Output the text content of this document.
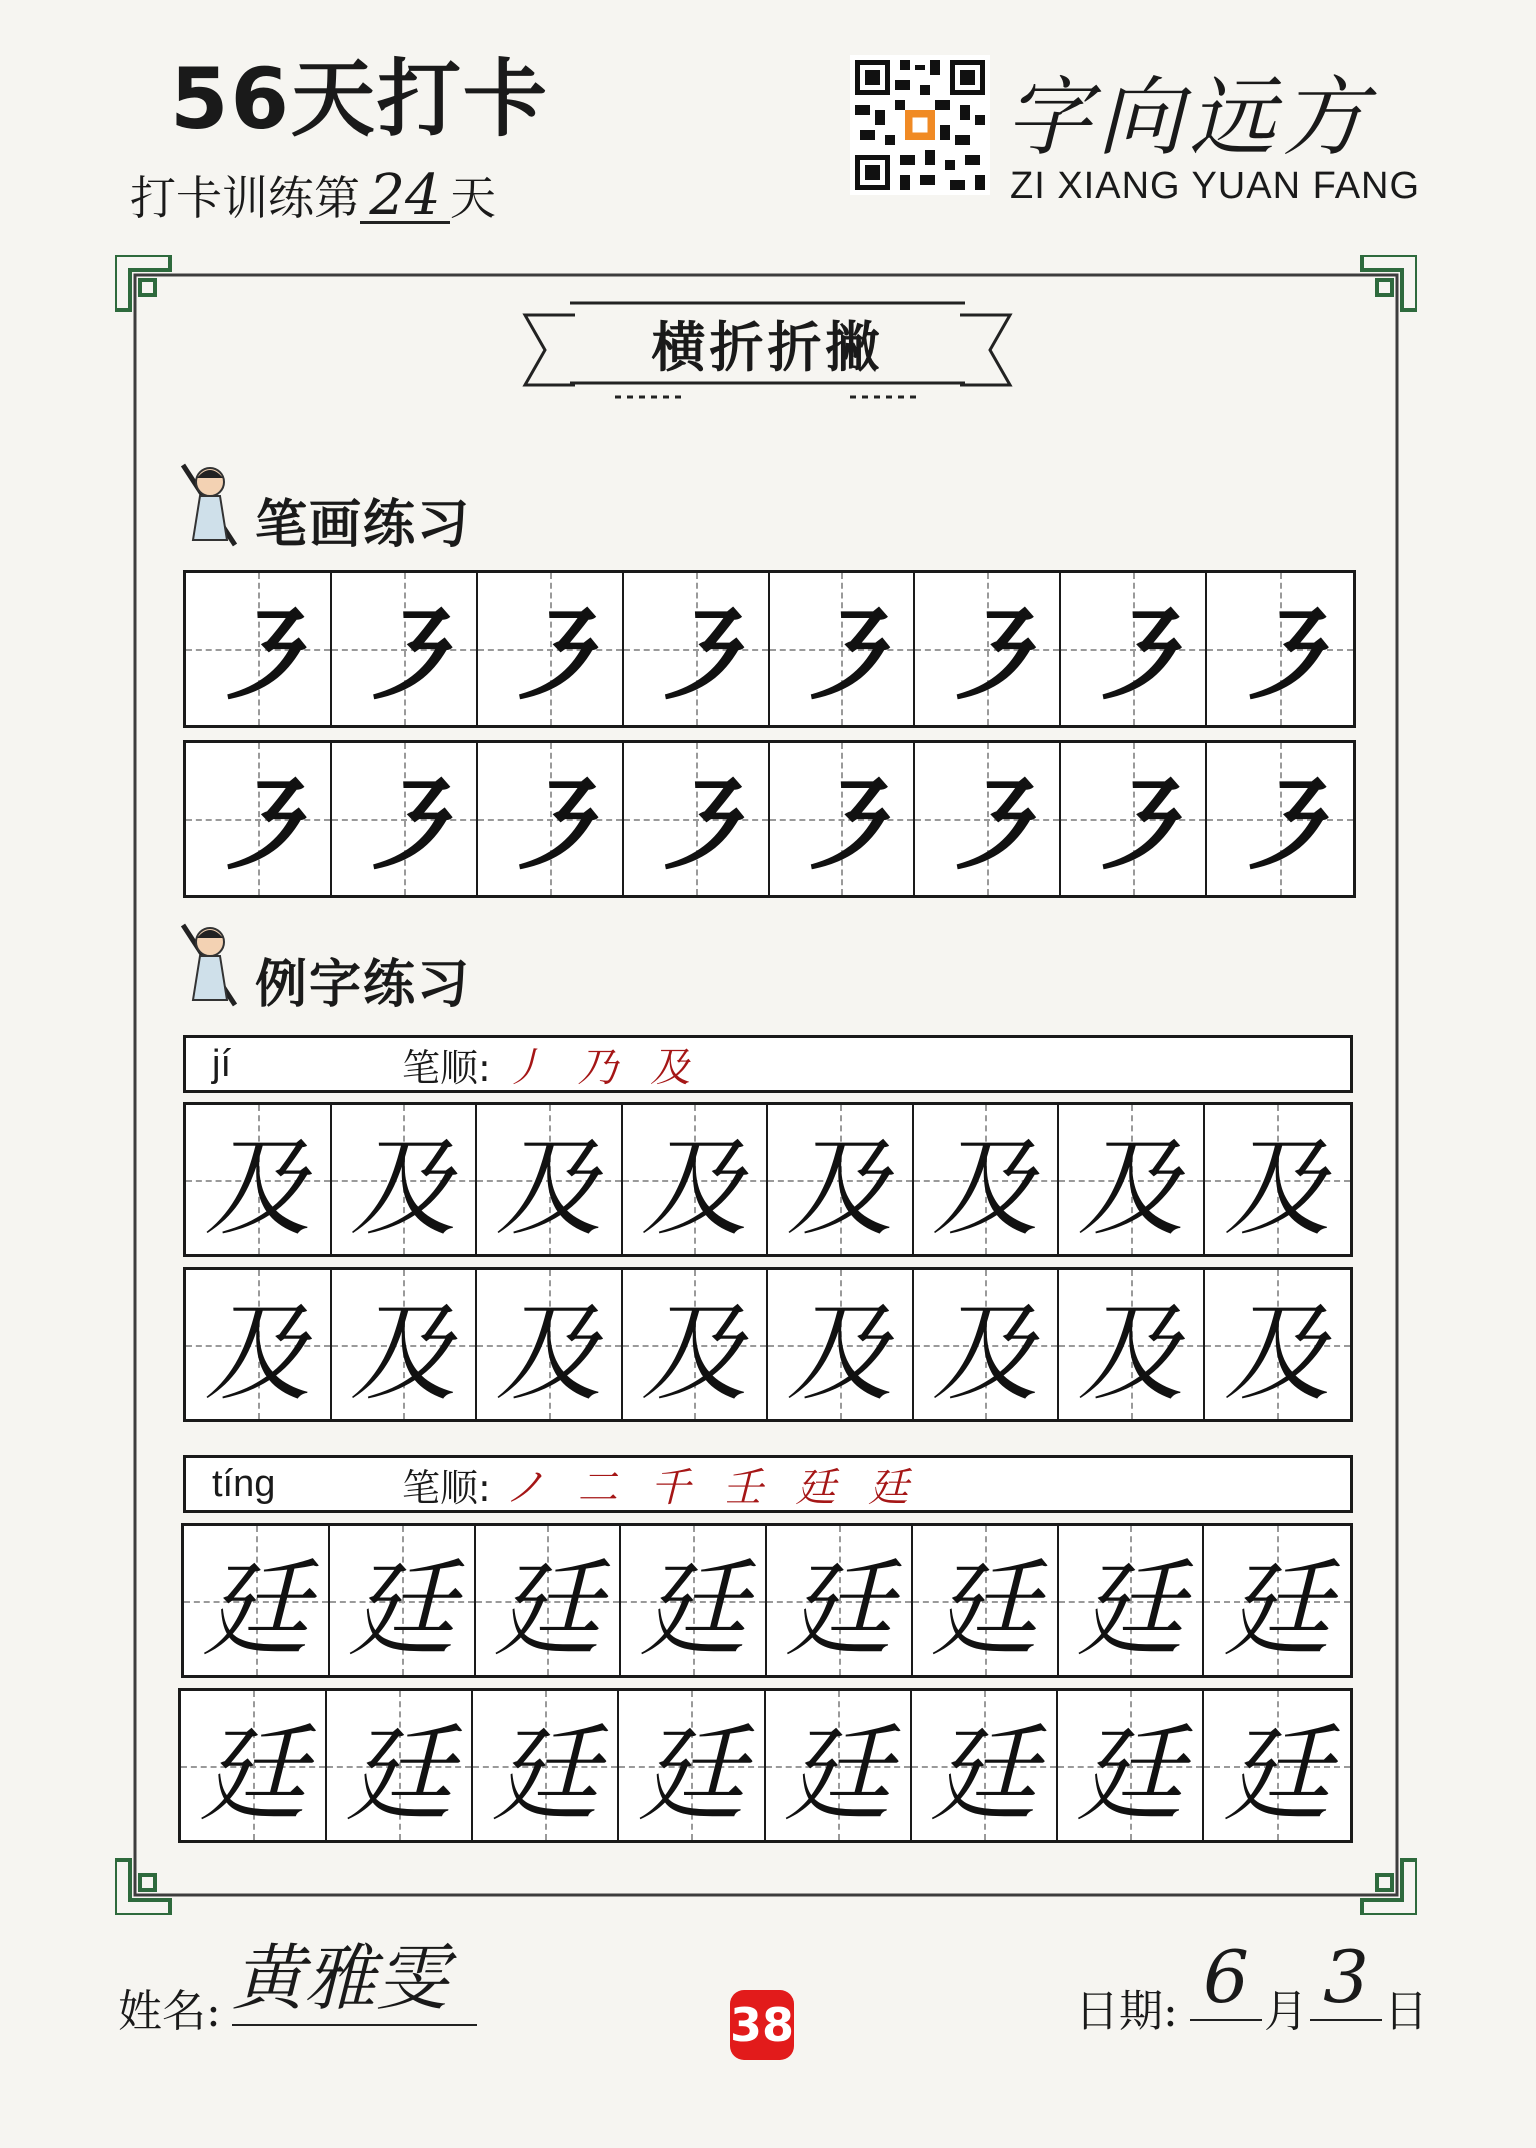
56天打卡
打卡训练第 24 天
字向远方
ZI XIANG YUAN FANG
横折折撇
笔画练习
㇋ ㇋ ㇋ ㇋ ㇋ ㇋ ㇋ ㇋
㇋ ㇋ ㇋ ㇋ ㇋ ㇋ ㇋ ㇋
例字练习
jí	笔顺: 丿 乃 及
及 及 及 及 及 及 及 及
及 及 及 及 及 及 及 及
tíng	笔顺: ノ 二 千 壬 廷 廷
廷 廷 廷 廷 廷 廷 廷 廷
廷 廷 廷 廷 廷 廷 廷 廷
姓名: 黄雅雯
38	日期: 6 月 3 日
